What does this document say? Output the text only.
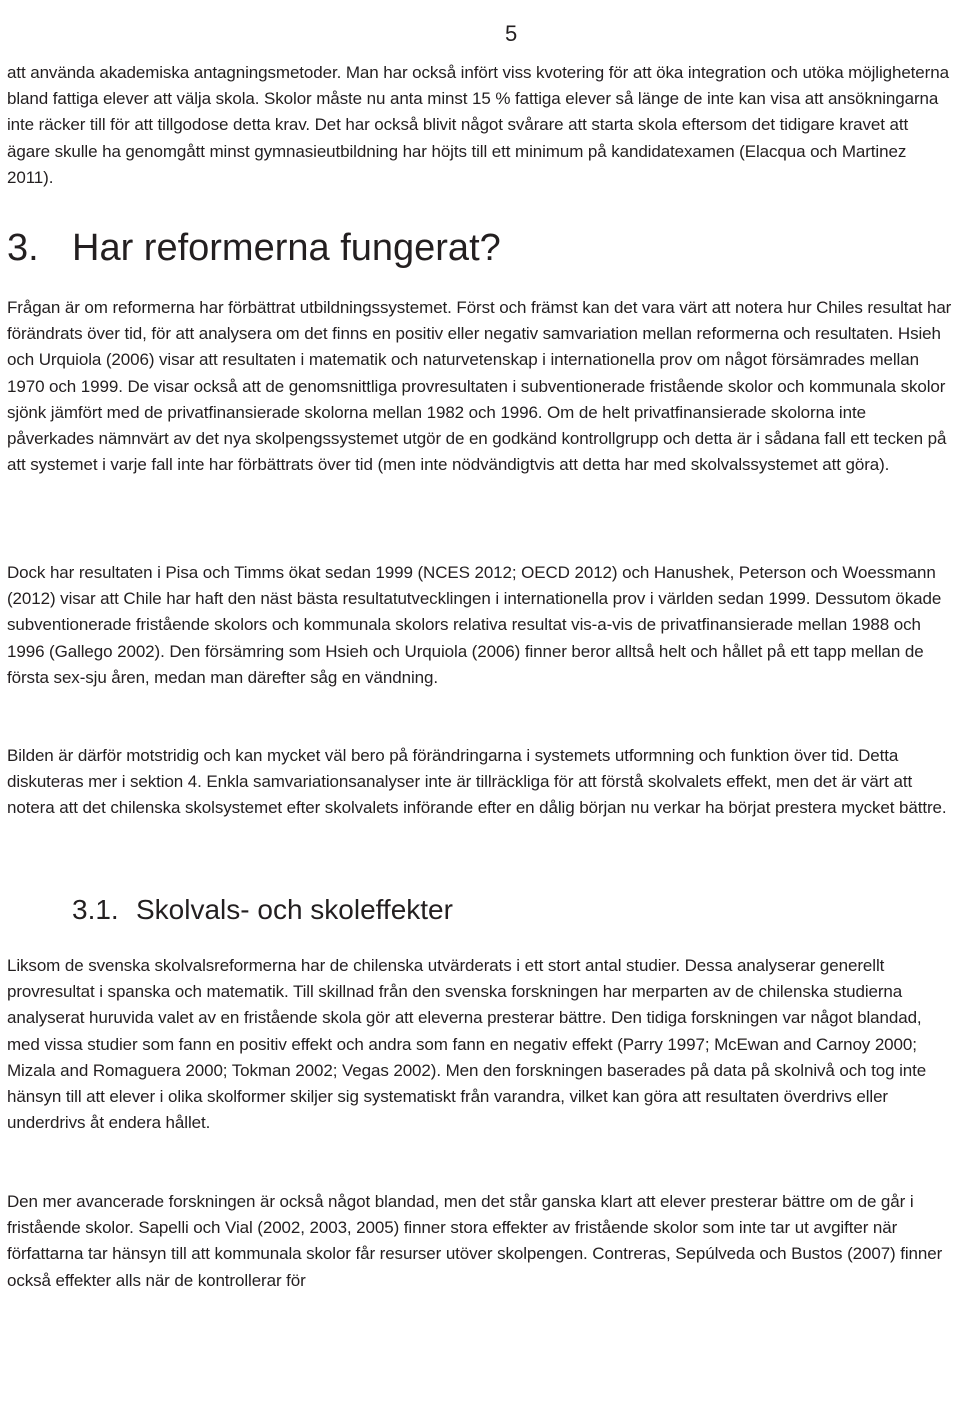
5

att använda akademiska antagningsmetoder. Man har också infört viss kvotering för att öka integration och utöka möjligheterna bland fattiga elever att välja skola. Skolor måste nu anta minst 15 % fattiga elever så länge de inte kan visa att ansökningarna inte räcker till för att tillgodose detta krav. Det har också blivit något svårare att starta skola eftersom det tidigare kravet att ägare skulle ha genomgått minst gymnasieutbildning har höjts till ett minimum på kandidatexamen (Elacqua och Martinez 2011).

3. Har reformerna fungerat?

Frågan är om reformerna har förbättrat utbildningssystemet. Först och främst kan det vara värt att notera hur Chiles resultat har förändrats över tid, för att analysera om det finns en positiv eller negativ samvariation mellan reformerna och resultaten. Hsieh och Urquiola (2006) visar att resultaten i matematik och naturvetenskap i internationella prov om något försämrades mellan 1970 och 1999. De visar också att de genomsnittliga provresultaten i subventionerade fristående skolor och kommunala skolor sjönk jämfört med de privatfinansierade skolorna mellan 1982 och 1996. Om de helt privatfinansierade skolorna inte påverkades nämnvärt av det nya skolpengssystemet utgör de en godkänd kontrollgrupp och detta är i sådana fall ett tecken på att systemet i varje fall inte har förbättrats över tid (men inte nödvändigtvis att detta har med skolvalssystemet att göra).

Dock har resultaten i Pisa och Timms ökat sedan 1999 (NCES 2012; OECD 2012) och Hanushek, Peterson och Woessmann (2012) visar att Chile har haft den näst bästa resultatutvecklingen i internationella prov i världen sedan 1999. Dessutom ökade subventionerade fristående skolors och kommunala skolors relativa resultat vis-a-vis de privatfinansierade mellan 1988 och 1996 (Gallego 2002). Den försämring som Hsieh och Urquiola (2006) finner beror alltså helt och hållet på ett tapp mellan de första sex-sju åren, medan man därefter såg en vändning.

Bilden är därför motstridig och kan mycket väl bero på förändringarna i systemets utformning och funktion över tid. Detta diskuteras mer i sektion 4. Enkla samvariationsanalyser inte är tillräckliga för att förstå skolvalets effekt, men det är värt att notera att det chilenska skolsystemet efter skolvalets införande efter en dålig början nu verkar ha börjat prestera mycket bättre.

3.1. Skolvals- och skoleffekter

Liksom de svenska skolvalsreformerna har de chilenska utvärderats i ett stort antal studier. Dessa analyserar generellt provresultat i spanska och matematik. Till skillnad från den svenska forskningen har merparten av de chilenska studierna analyserat huruvida valet av en fristående skola gör att eleverna presterar bättre. Den tidiga forskningen var något blandad, med vissa studier som fann en positiv effekt och andra som fann en negativ effekt (Parry 1997; McEwan and Carnoy 2000; Mizala and Romaguera 2000; Tokman 2002; Vegas 2002). Men den forskningen baserades på data på skolnivå och tog inte hänsyn till att elever i olika skolformer skiljer sig systematiskt från varandra, vilket kan göra att resultaten överdrivs eller underdrivs åt endera hållet.

Den mer avancerade forskningen är också något blandad, men det står ganska klart att elever presterar bättre om de går i fristående skolor. Sapelli och Vial (2002, 2003, 2005) finner stora effekter av fristående skolor som inte tar ut avgifter när författarna tar hänsyn till att kommunala skolor får resurser utöver skolpengen. Contreras, Sepúlveda och Bustos (2007) finner också effekter alls när de kontrollerar för
